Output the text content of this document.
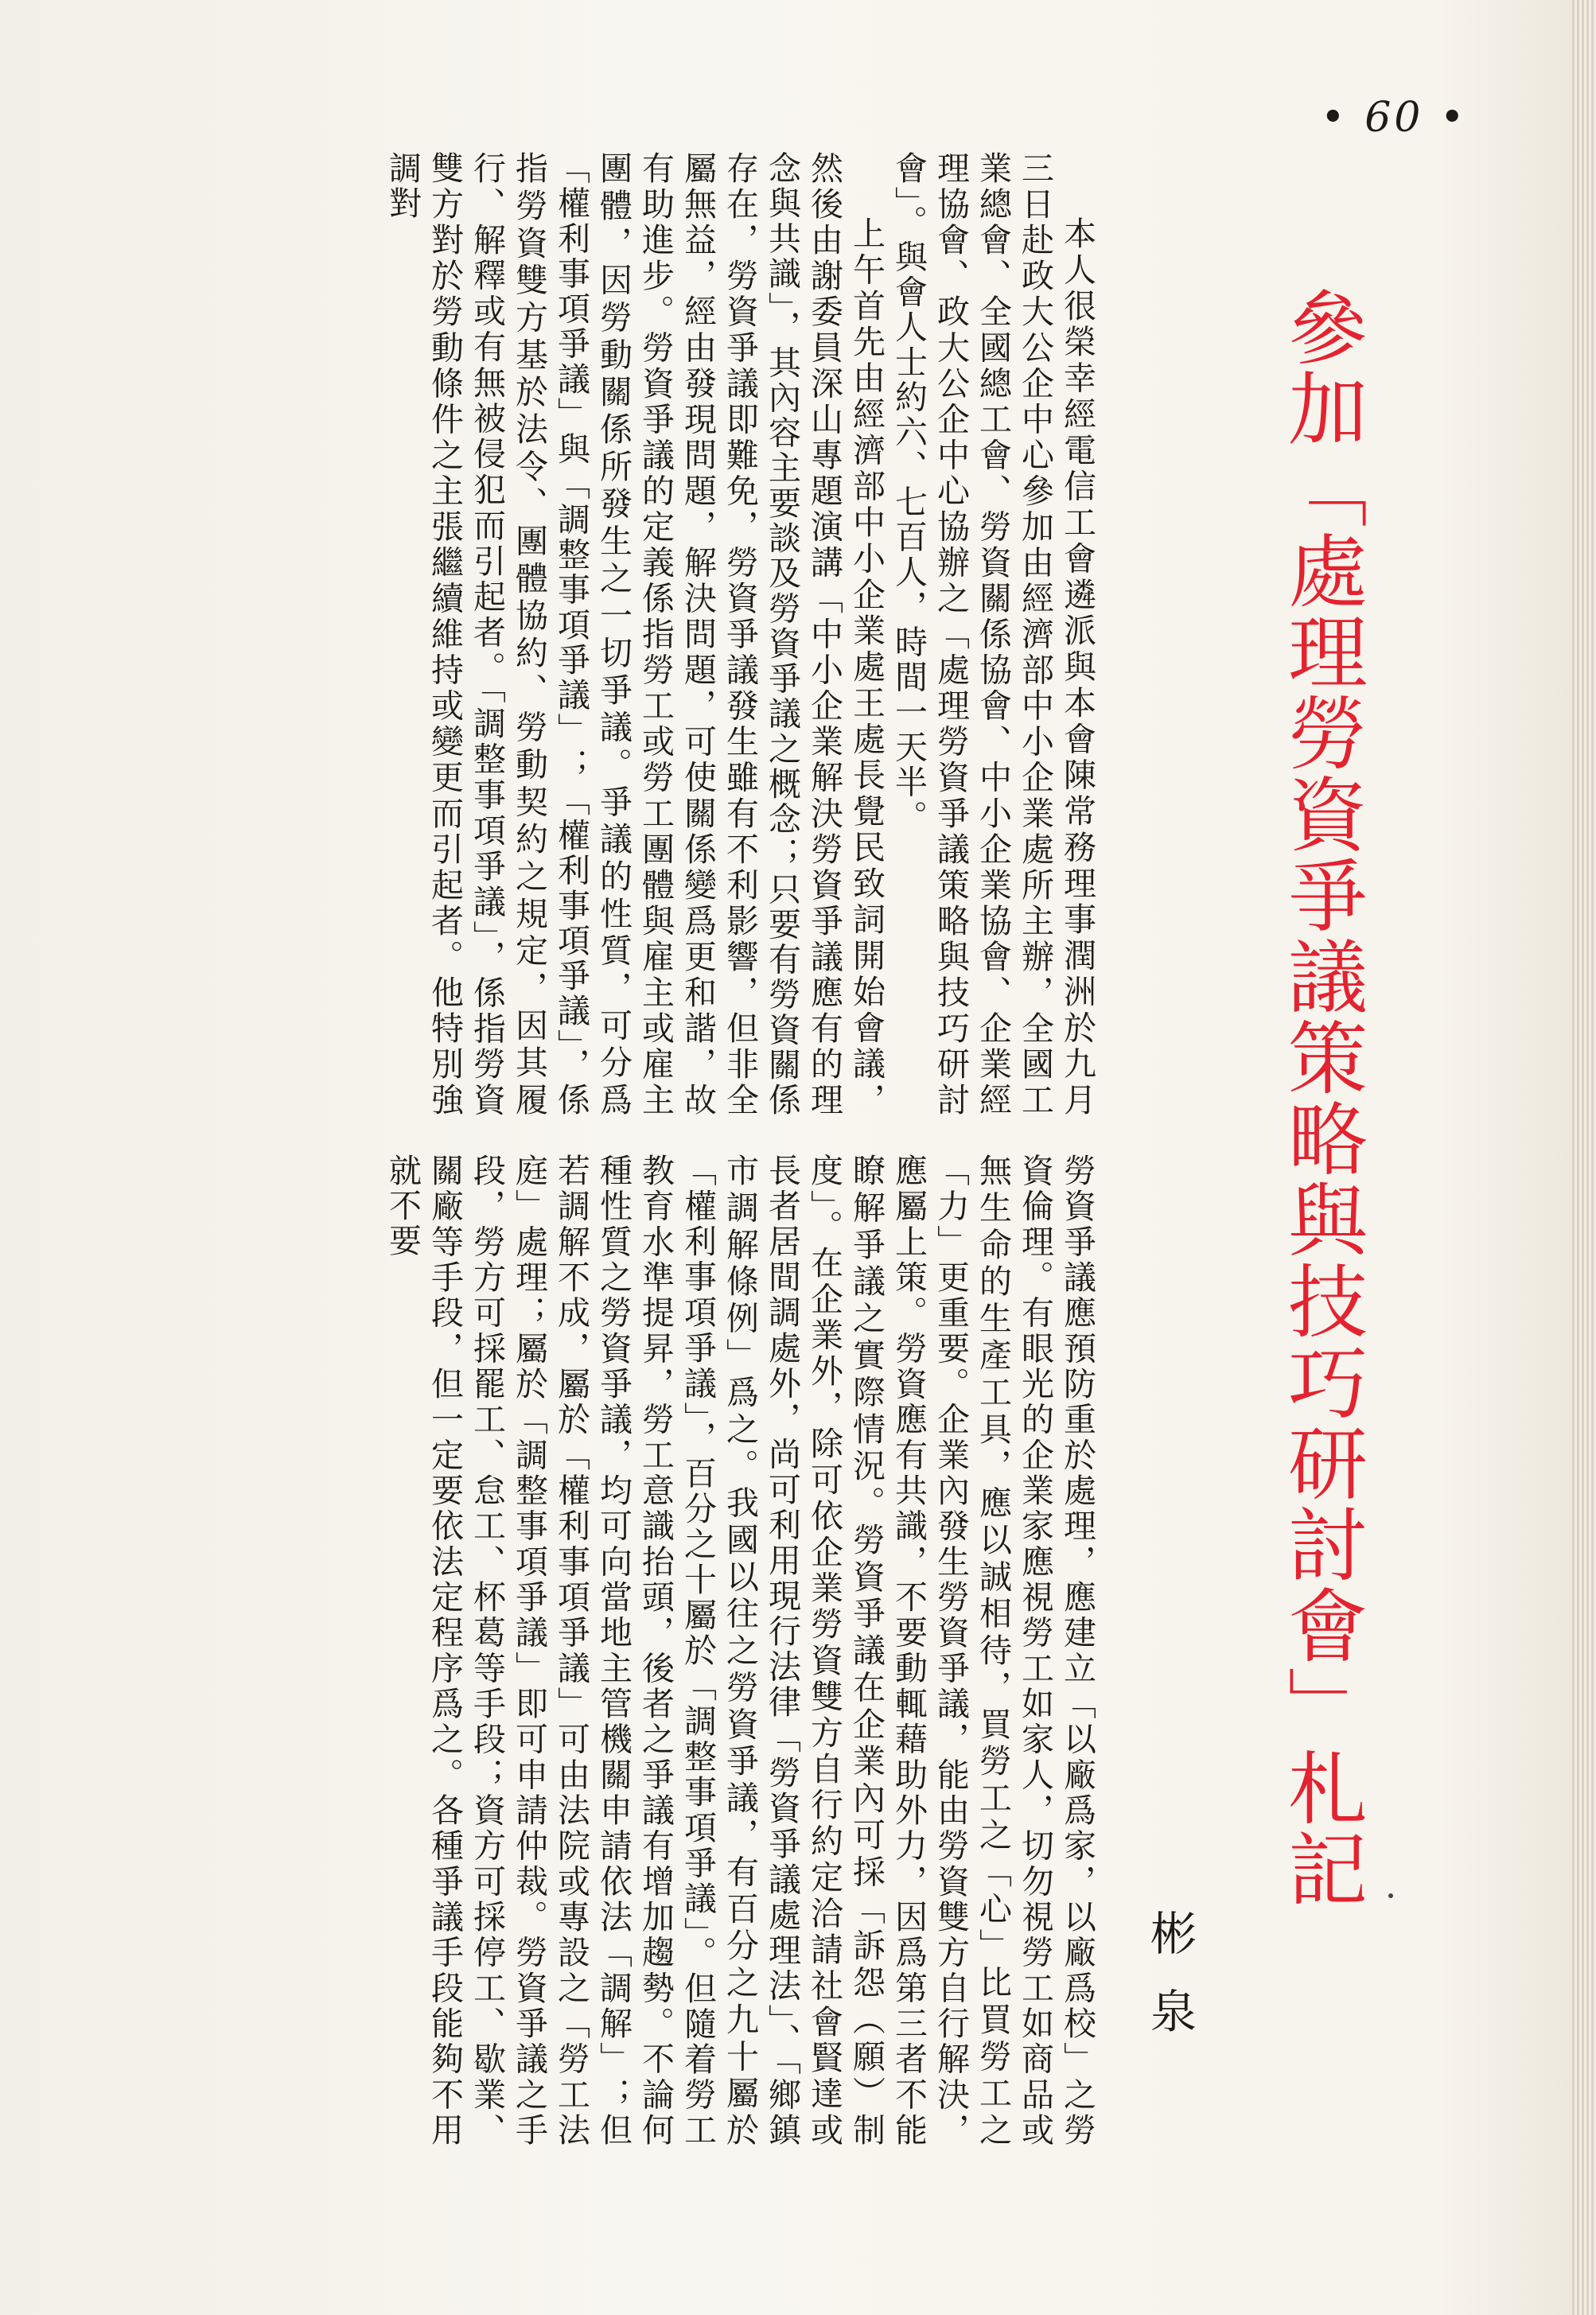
• 60 •
參加「處理勞資爭議策略與技巧研討會」札記
彬泉

本人很榮幸經電信工會遴派與本會陳常務理事潤洲於九月三日赴政大公企中心參加由經濟部中小企業處所主辦，全國工業總會、全國總工會、勞資關係協會、中小企業協會、企業經理協會、政大公企中心協辦之「處理勞資爭議策略與技巧研討會」。與會人士約六、七百人，時間一天半。

上午首先由經濟部中小企業處王處長覺民致詞開始會議，然後由謝委員深山專題演講「中小企業解決勞資爭議應有的理念與共識」，其內容主要談及勞資爭議之概念；只要有勞資關係存在，勞資爭議即難免，勞資爭議發生雖有不利影響，但非全屬無益，經由發現問題，解決問題，可使關係變爲更和諧，故有助進步。勞資爭議的定義係指勞工或勞工團體與雇主或雇主團體，因勞動關係所發生之一切爭議。爭議的性質，可分爲「權利事項爭議」與「調整事項爭議」；「權利事項爭議」，係指勞資雙方基於法令、團體協約、勞動契約之規定，因其履行、解釋或有無被侵犯而引起者。「調整事項爭議」，係指勞資雙方對於勞動條件之主張繼續維持或變更而引起者。他特別強調對

勞資爭議應預防重於處理，應建立「以廠爲家，以廠爲校」之勞資倫理。有眼光的企業家應視勞工如家人，切勿視勞工如商品或無生命的生產工具，應以誠相待，買勞工之「心」比買勞工之「力」更重要。企業內發生勞資爭議，能由勞資雙方自行解決，應屬上策。勞資應有共識，不要動輒藉助外力，因爲第三者不能瞭解爭議之實際情況。勞資爭議在企業內可採「訴怨（願）制度」。在企業外，除可依企業勞資雙方自行約定洽請社會賢達或長者居間調處外，尚可利用現行法律「勞資爭議處理法」、「鄉鎮市調解條例」爲之。我國以往之勞資爭議，有百分之九十屬於「權利事項爭議」，百分之十屬於「調整事項爭議」。但隨着勞工教育水準提昇，勞工意識抬頭，後者之爭議有增加趨勢。不論何種性質之勞資爭議，均可向當地主管機關申請依法「調解」；但若調解不成，屬於「權利事項爭議」可由法院或專設之「勞工法庭」處理；屬於「調整事項爭議」即可申請仲裁。勞資爭議之手段，勞方可採罷工、怠工、杯葛等手段；資方可採停工、歇業、關廠等手段，但一定要依法定程序爲之。各種爭議手段能夠不用就不要
